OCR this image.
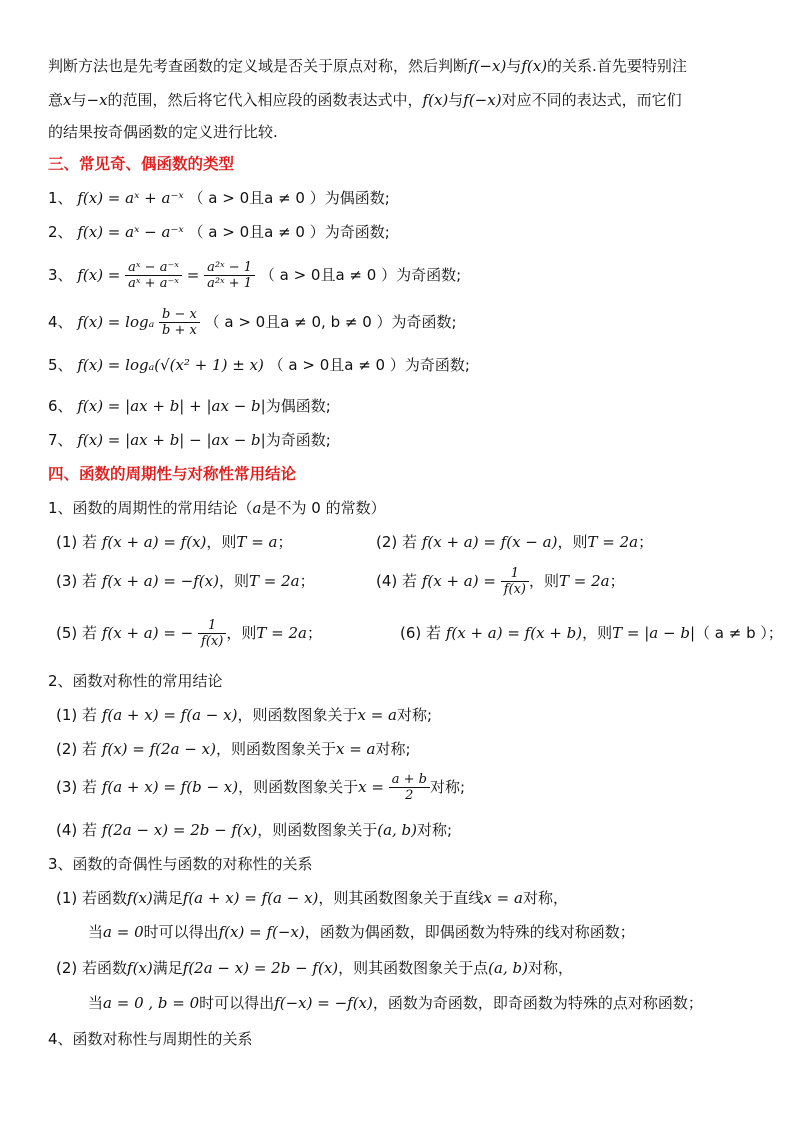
判断方法也是先考查函数的定义域是否关于原点对称，然后判断f(−x)与f(x)的关系.首先要特别注
意x与−x的范围，然后将它代入相应段的函数表达式中，f(x)与f(−x)对应不同的表达式，而它们
的结果按奇偶函数的定义进行比较.
三、常见奇、偶函数的类型
1、 f(x) = aˣ + a⁻ˣ （ a > 0且a ≠ 0 ）为偶函数;
2、 f(x) = aˣ − a⁻ˣ （ a > 0且a ≠ 0 ）为奇函数;
3、 $f(x) = \frac{\text{aˣ − a⁻ˣ}}{\text{aˣ + a⁻ˣ}} = \frac{\text{a²ˣ − 1}}{\text{a²ˣ + 1}}$ （ a > 0且a ≠ 0 ）为奇函数;
4、 f(x) = logₐ $\frac{b - x}{b + x}$ （ a > 0且a ≠ 0, b ≠ 0 ）为奇函数;
5、 f(x) = logₐ(√(x² + 1) ± x) （ a > 0且a ≠ 0 ）为奇函数;
6、 f(x) = |ax + b| + |ax − b|为偶函数;
7、 f(x) = |ax + b| − |ax − b|为奇函数;
四、函数的周期性与对称性常用结论
1、函数的周期性的常用结论（a是不为 0 的常数）
(1) 若 f(x + a) = f(x)，则T = a；	(2) 若 f(x + a) = f(x − a)，则T = 2a；
(3) 若 f(x + a) = −f(x)，则T = 2a；	(4) 若 $f(x + a) = \frac{1}{f(x)}$ ，则T = 2a；
(5) 若 f(x + a) = − $\frac{1}{f(x)}$ ，则T = 2a；	(6) 若 f(x + a) = f(x + b)，则T = |a − b|（ a ≠ b ）；
2、函数对称性的常用结论
(1) 若 f(a + x) = f(a − x)，则函数图象关于x = a对称;
(2) 若 f(x) = f(2a − x)，则函数图象关于x = a对称;
(3) 若 f(a + x) = f(b − x)，则函数图象关于$x = \frac{a + b}{2}$ 对称;
(4) 若 f(2a − x) = 2b − f(x)，则函数图象关于(a, b)对称;
3、函数的奇偶性与函数的对称性的关系
(1) 若函数f(x)满足f(a + x) = f(a − x)，则其函数图象关于直线x = a对称，
当a = 0时可以得出f(x) = f(−x)，函数为偶函数，即偶函数为特殊的线对称函数；
(2) 若函数f(x)满足f(2a − x) = 2b − f(x)，则其函数图象关于点(a, b)对称，
当a = 0 , b = 0时可以得出f(−x) = −f(x)，函数为奇函数，即奇函数为特殊的点对称函数；
4、函数对称性与周期性的关系
